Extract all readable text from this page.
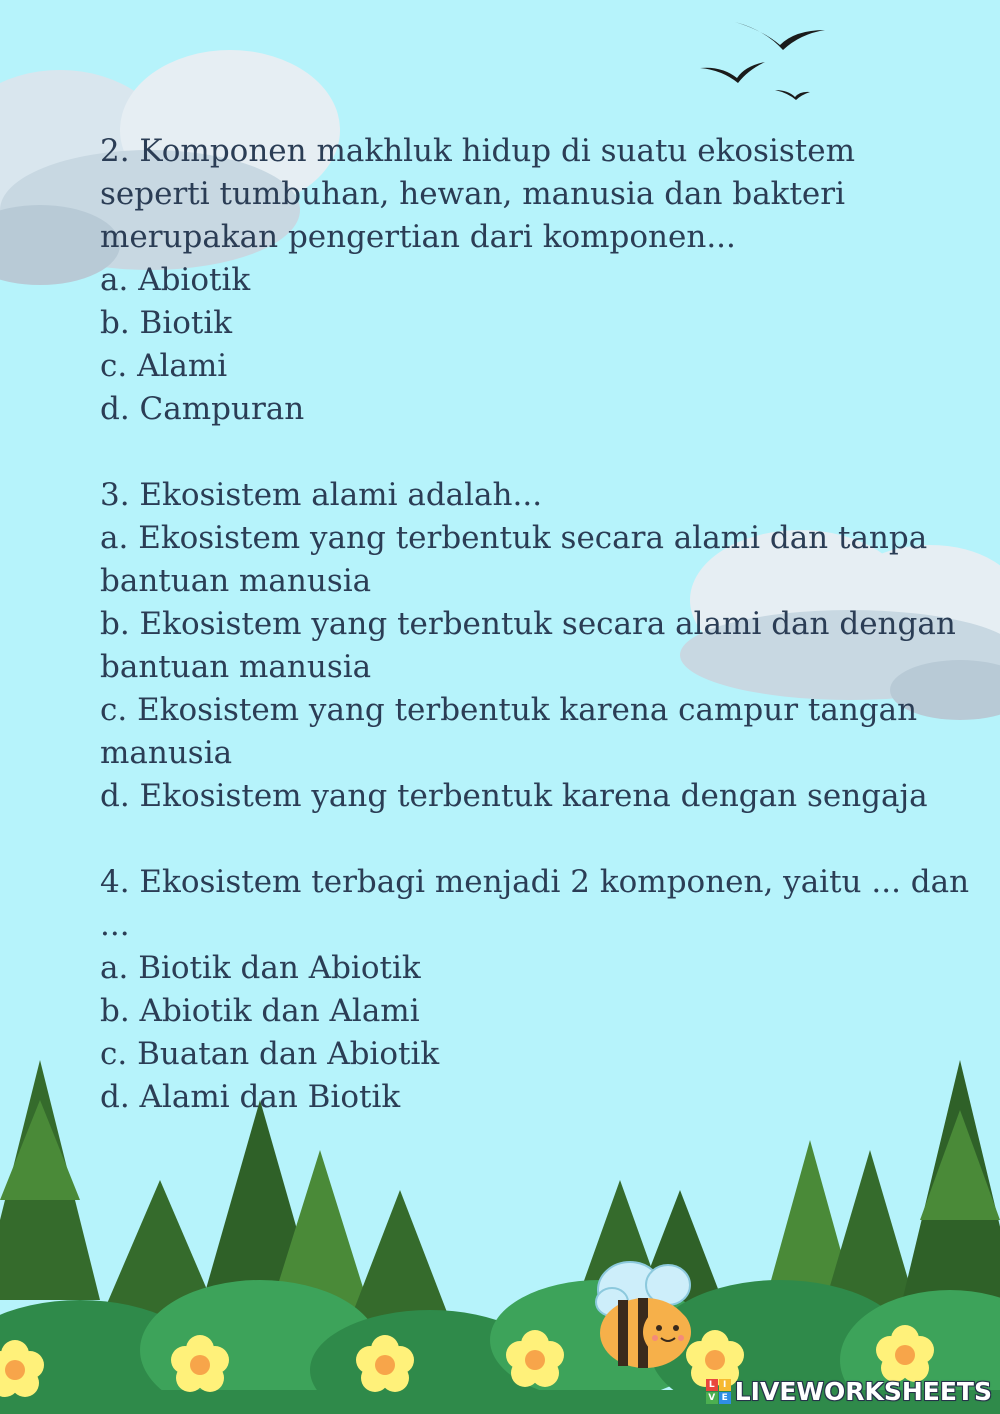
2. Komponen makhluk hidup di suatu ekosistem

seperti tumbuhan, hewan, manusia dan bakteri

merupakan pengertian dari komponen...

a. Abiotik

b. Biotik

c. Alami

d. Campuran

3. Ekosistem alami adalah...

a. Ekosistem yang terbentuk secara alami dan tanpa

bantuan manusia

b. Ekosistem yang terbentuk secara alami dan dengan

bantuan manusia

c. Ekosistem yang terbentuk karena campur tangan

manusia

d. Ekosistem yang terbentuk karena dengan sengaja

4. Ekosistem terbagi menjadi 2 komponen, yaitu ... dan

...

a. Biotik dan Abiotik

b. Abiotik dan Alami

c. Buatan dan Abiotik

d. Alami dan Biotik

L I
V E LIVEWORKSHEETS
